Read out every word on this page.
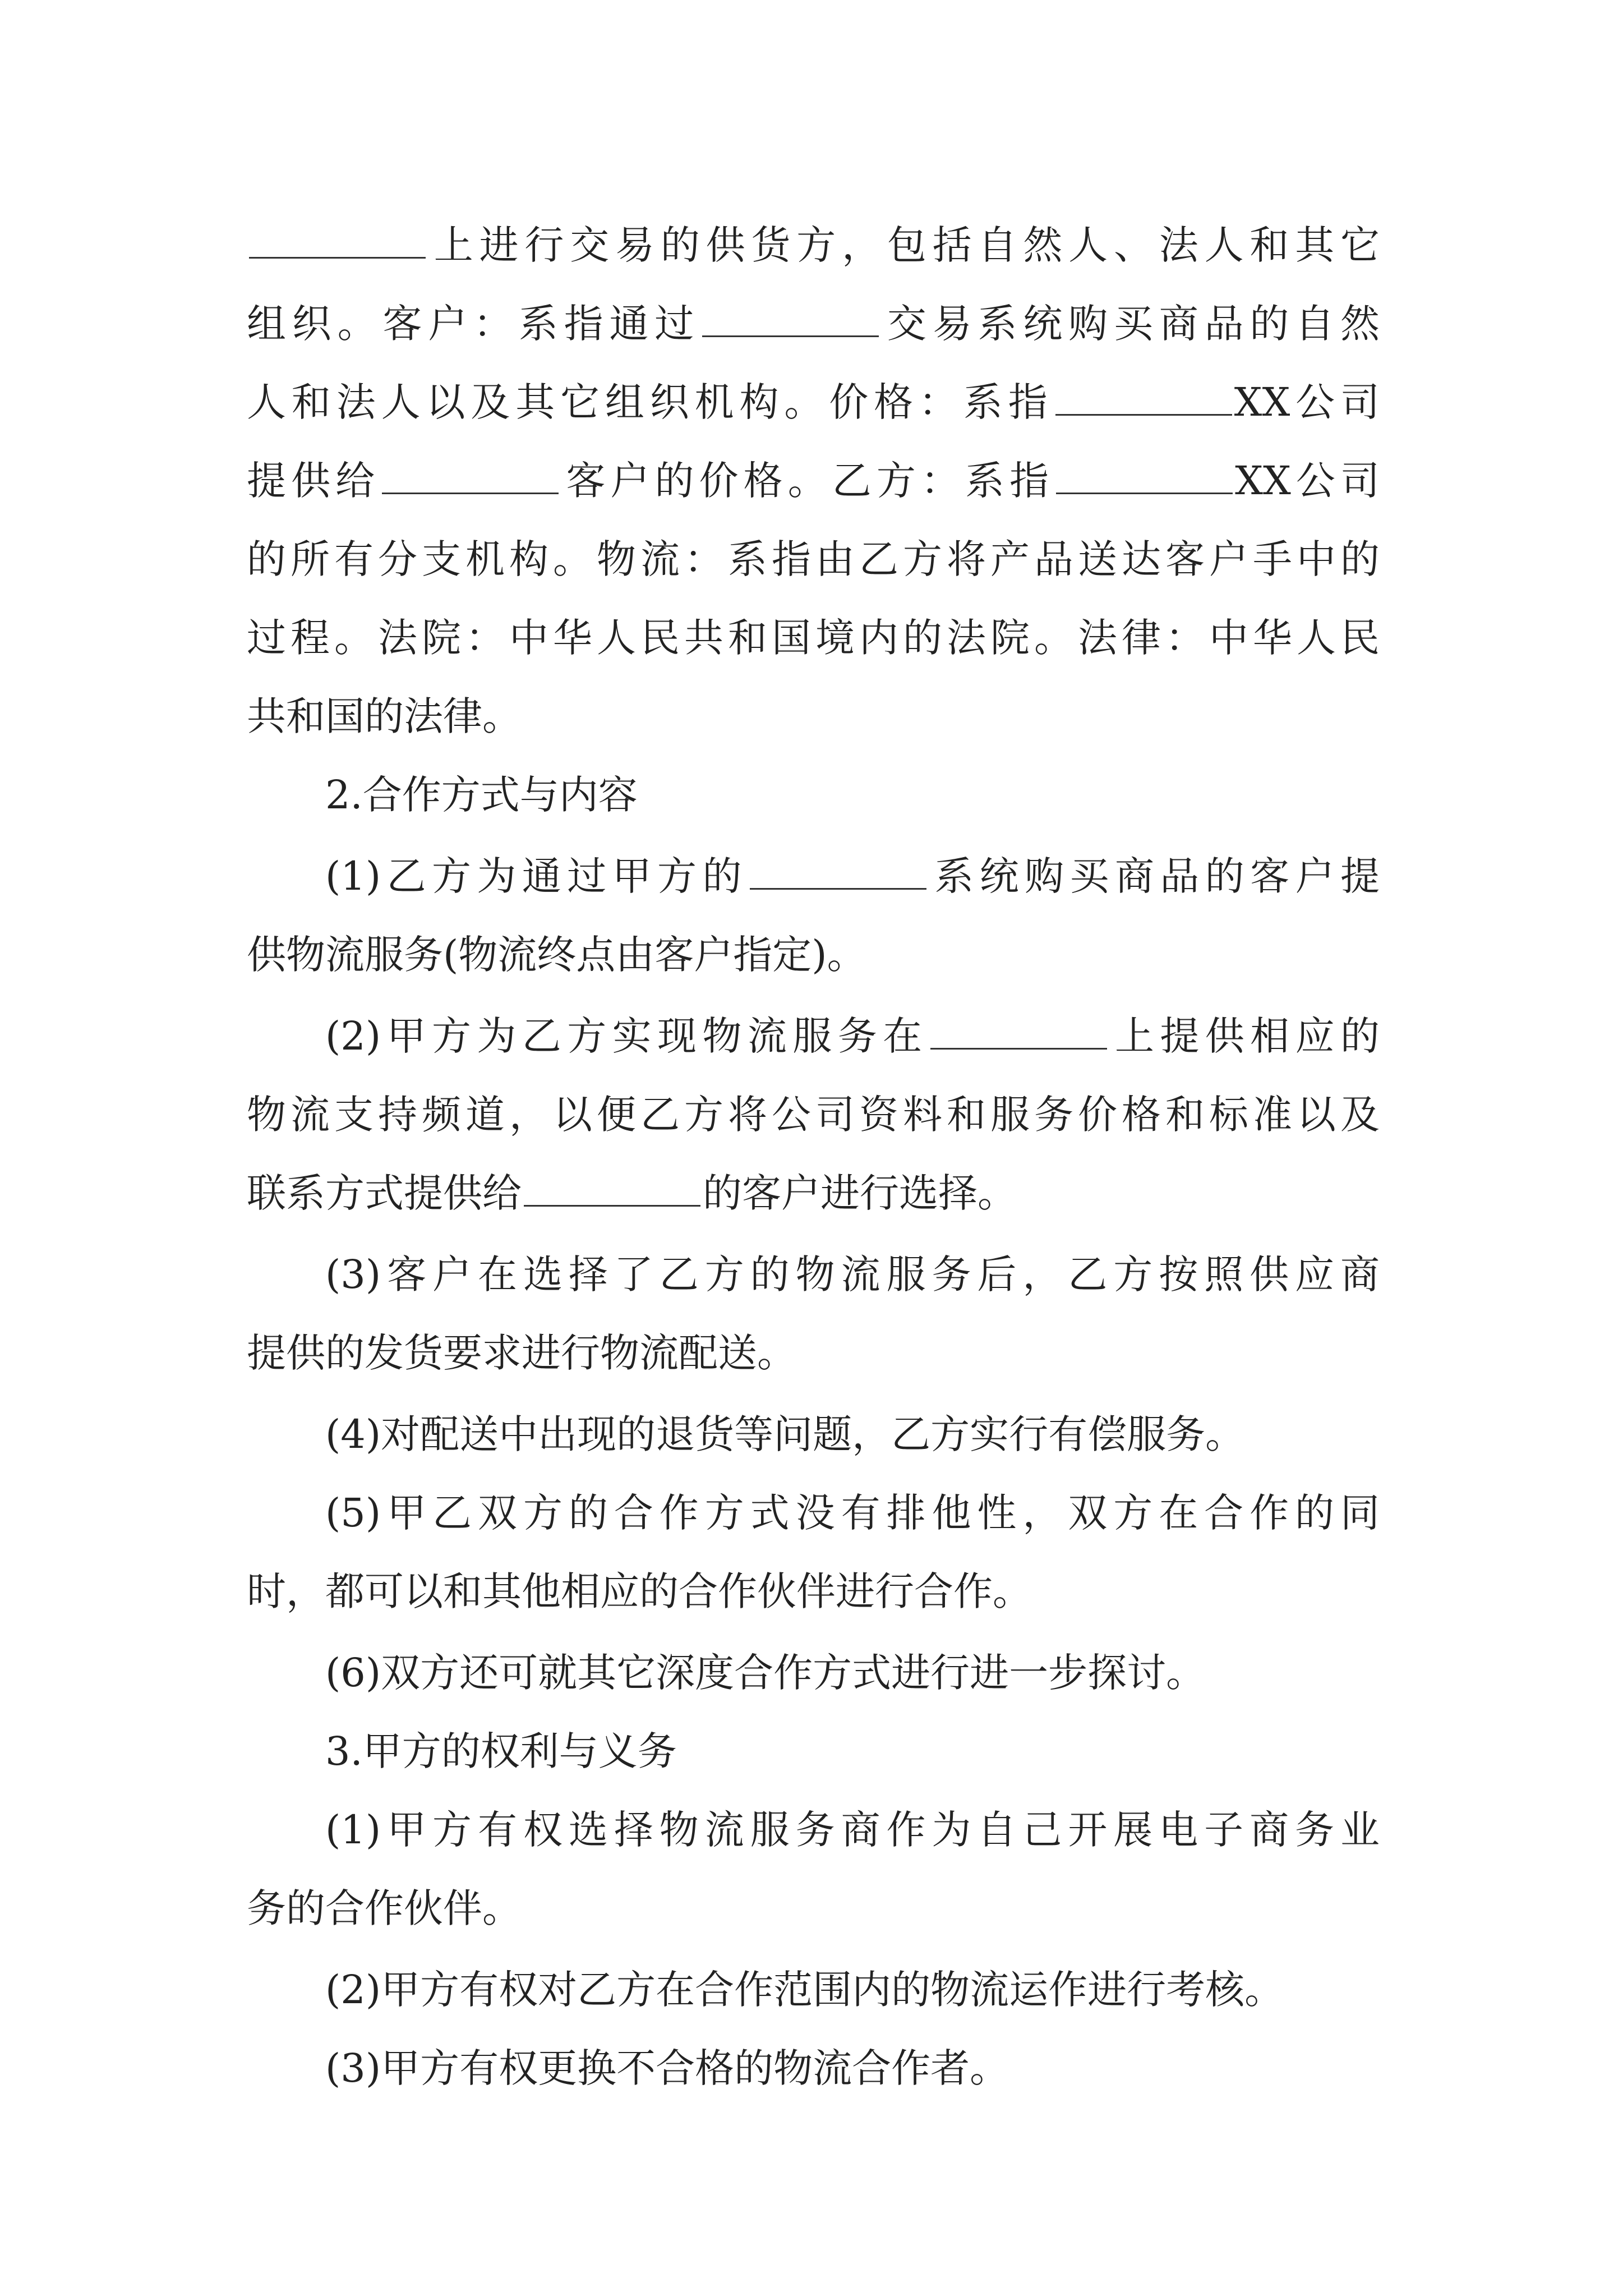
上进行交易的供货方，包括自然人、法人和其它
组织。客户：系指通过	交易系统购买商品的自然
人和法人以及其它组织机构。价格：系指	XX公司
提供给	客户的价格。乙方：系指	XX公司
的所有分支机构。物流：系指由乙方将产品送达客户手中的
过程。法院：中华人民共和国境内的法院。法律：中华人民
共和国的法律。
2.合作方式与内容
(1)乙方为通过甲方的	系统购买商品的客户提
供物流服务(物流终点由客户指定)。
(2)甲方为乙方实现物流服务在	上提供相应的
物流支持频道，以便乙方将公司资料和服务价格和标准以及
联系方式提供给	的客户进行选择。
(3)客户在选择了乙方的物流服务后，乙方按照供应商
提供的发货要求进行物流配送。
(4)对配送中出现的退货等问题，乙方实行有偿服务。
(5)甲乙双方的合作方式没有排他性，双方在合作的同
时，都可以和其他相应的合作伙伴进行合作。
(6)双方还可就其它深度合作方式进行进一步探讨。
3.甲方的权利与义务
(1)甲方有权选择物流服务商作为自己开展电子商务业
务的合作伙伴。
(2)甲方有权对乙方在合作范围内的物流运作进行考核。
(3)甲方有权更换不合格的物流合作者。
